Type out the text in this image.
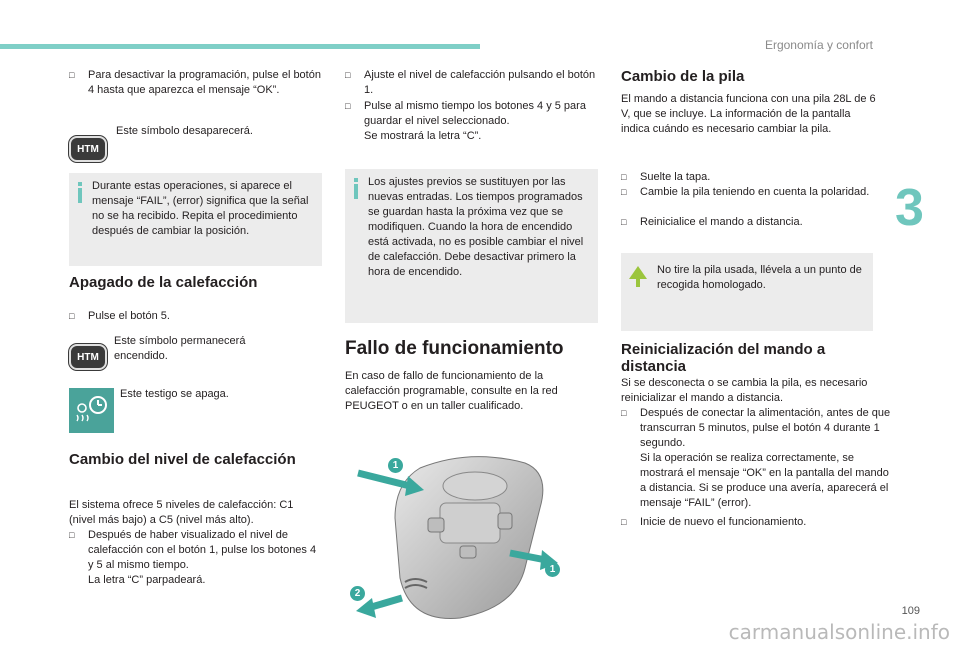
Ergonomía y confort
3
□ Para desactivar la programación, pulse el botón 4 hasta que aparezca el mensaje “OK”.
HTM
Este símbolo desaparecerá.
Durante estas operaciones, si aparece el mensaje “FAIL”, (error) significa que la señal no se ha recibido. Repita el procedimiento después de cambiar la posición.
Apagado de la calefacción
□ Pulse el botón 5.
HTM
Este símbolo permanecerá encendido.
Este testigo se apaga.
Cambio del nivel de calefacción
El sistema ofrece 5 niveles de calefacción: C1 (nivel más bajo) a C5 (nivel más alto).
□ Después de haber visualizado el nivel de calefacción con el botón 1, pulse los botones 4 y 5 al mismo tiempo.
La letra “C” parpadeará.
□ Ajuste el nivel de calefacción pulsando el botón 1.
□ Pulse al mismo tiempo los botones 4 y 5 para guardar el nivel seleccionado.
Se mostrará la letra “C”.
Los ajustes previos se sustituyen por las nuevas entradas. Los tiempos programados se guardan hasta la próxima vez que se modifiquen. Cuando la hora de encendido está activada, no es posible cambiar el nivel de calefacción. Debe desactivar primero la hora de encendido.
Fallo de funcionamiento
En caso de fallo de funcionamiento de la calefacción programable, consulte en la red PEUGEOT o en un taller cualificado.
1
1
2
Cambio de la pila
El mando a distancia funciona con una pila 28L de 6 V, que se incluye. La información de la pantalla indica cuándo es necesario cambiar la pila.
□ Suelte la tapa.
□ Cambie la pila teniendo en cuenta la polaridad.
□ Reinicialice el mando a distancia.
No tire la pila usada, llévela a un punto de recogida homologado.
Reinicialización del mando a distancia
Si se desconecta o se cambia la pila, es necesario reinicializar el mando a distancia.
□ Después de conectar la alimentación, antes de que transcurran 5 minutos, pulse el botón 4 durante 1 segundo.
Si la operación se realiza correctamente, se mostrará el mensaje “OK” en la pantalla del mando a distancia. Si se produce una avería, aparecerá el mensaje “FAIL” (error).
□ Inicie de nuevo el funcionamiento.
109
carmanualsonline.info
